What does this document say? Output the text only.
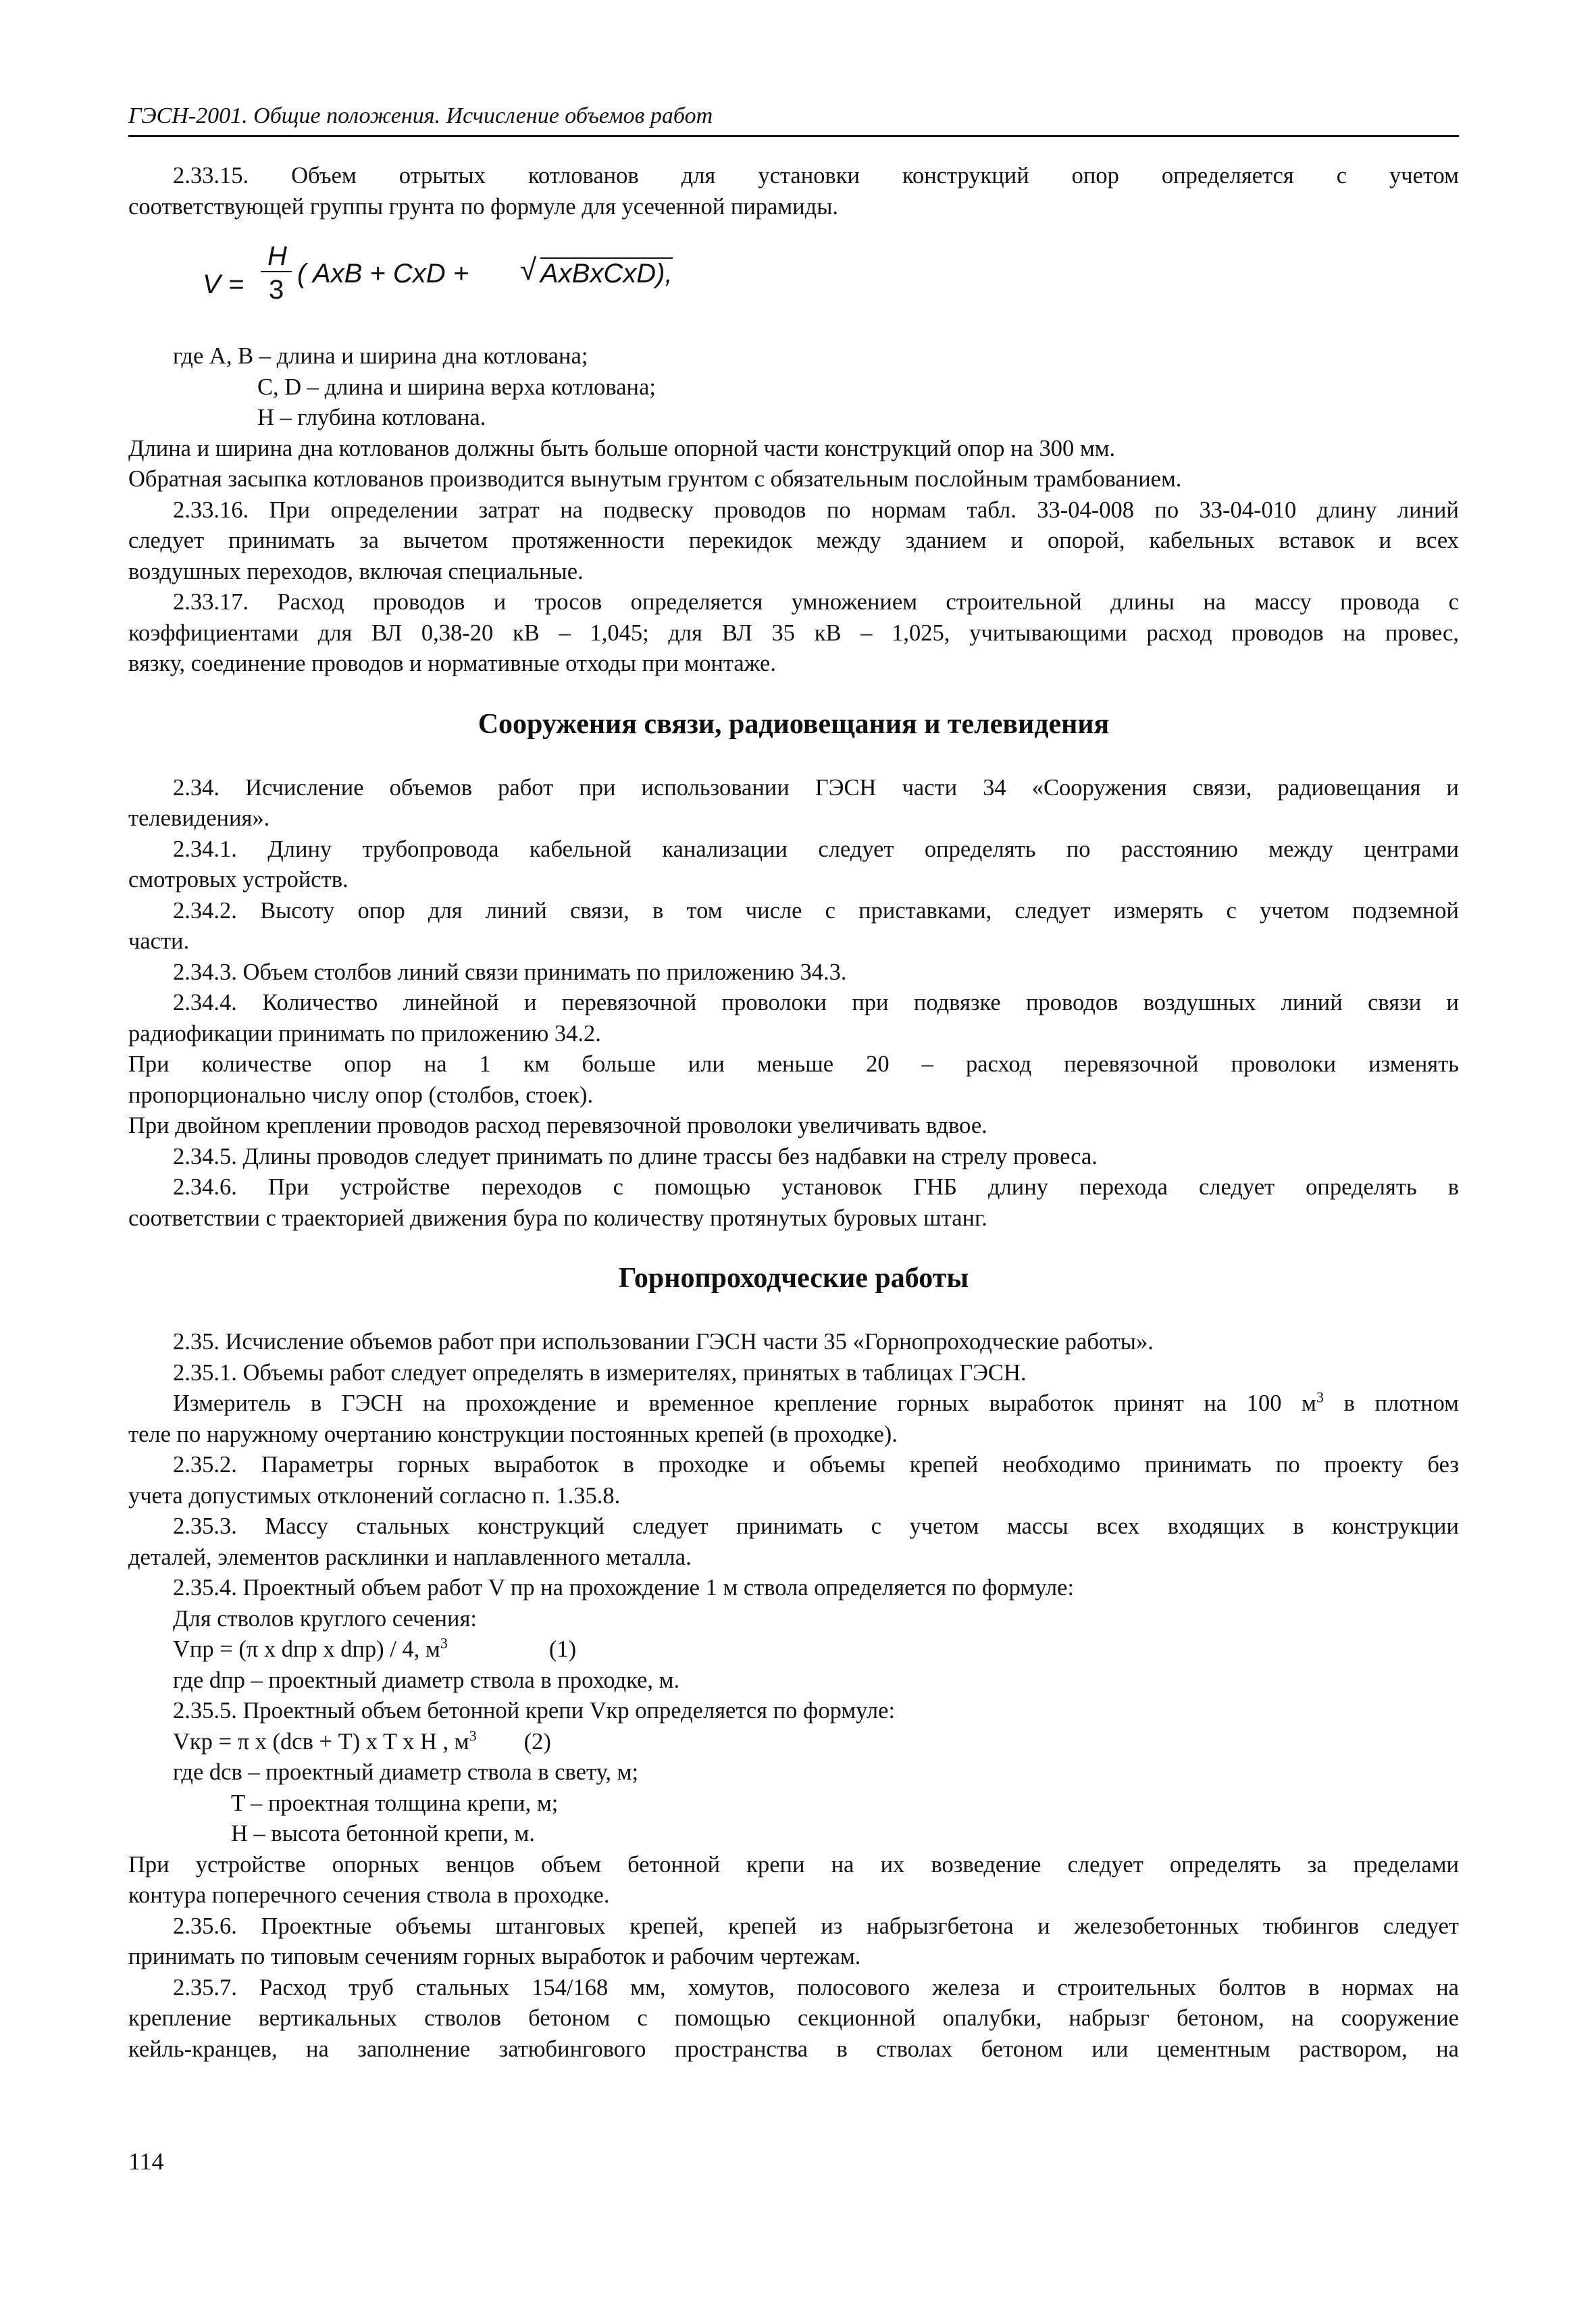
ГЭСН-2001. Общие положения. Исчисление объемов работ
2.33.15. Объем отрытых котлованов для установки конструкций опор определяется с учетом
соответствующей группы грунта по формуле для усеченной пирамиды.
V =
H
3
( AxB + CxD + √ AxBxCxD),
где A, B – длина и ширина дна котлована;
C, D – длина и ширина верха котлована;
H – глубина котлована.
Длина и ширина дна котлованов должны быть больше опорной части конструкций опор на 300 мм.
Обратная засыпка котлованов производится вынутым грунтом с обязательным послойным трамбованием.
2.33.16. При определении затрат на подвеску проводов по нормам табл. 33-04-008 по 33-04-010 длину линий
следует принимать за вычетом протяженности перекидок между зданием и опорой, кабельных вставок и всех
воздушных переходов, включая специальные.
2.33.17. Расход проводов и тросов определяется умножением строительной длины на массу провода с
коэффициентами для ВЛ 0,38-20 кВ – 1,045; для ВЛ 35 кВ – 1,025, учитывающими расход проводов на провес,
вязку, соединение проводов и нормативные отходы при монтаже.
Сооружения связи, радиовещания и телевидения
2.34. Исчисление объемов работ при использовании ГЭСН части 34 «Сооружения связи, радиовещания и
телевидения».
2.34.1. Длину трубопровода кабельной канализации следует определять по расстоянию между центрами
смотровых устройств.
2.34.2. Высоту опор для линий связи, в том числе с приставками, следует измерять с учетом подземной
части.
2.34.3. Объем столбов линий связи принимать по приложению 34.3.
2.34.4. Количество линейной и перевязочной проволоки при подвязке проводов воздушных линий связи и
радиофикации принимать по приложению 34.2.
При количестве опор на 1 км больше или меньше 20 – расход перевязочной проволоки изменять
пропорционально числу опор (столбов, стоек).
При двойном креплении проводов расход перевязочной проволоки увеличивать вдвое.
2.34.5. Длины проводов следует принимать по длине трассы без надбавки на стрелу провеса.
2.34.6. При устройстве переходов с помощью установок ГНБ длину перехода следует определять в
соответствии с траекторией движения бура по количеству протянутых буровых штанг.
Горнопроходческие работы
2.35. Исчисление объемов работ при использовании ГЭСН части 35 «Горнопроходческие работы».
2.35.1. Объемы работ следует определять в измерителях, принятых в таблицах ГЭСН.
Измеритель в ГЭСН на прохождение и временное крепление горных выработок принят на 100 $м^3$ в плотном
теле по наружному очертанию конструкции постоянных крепей (в проходке).
2.35.2. Параметры горных выработок в проходке и объемы крепей необходимо принимать по проекту без
учета допустимых отклонений согласно п. 1.35.8.
2.35.3. Массу стальных конструкций следует принимать с учетом массы всех входящих в конструкции
деталей, элементов расклинки и наплавленного металла.
2.35.4. Проектный объем работ V пр на прохождение 1 м ствола определяется по формуле:
Для стволов круглого сечения:
Vпр = (π x dпр x dпр) / 4, $м^3$	(1)
где dпр – проектный диаметр ствола в проходке, м.
2.35.5. Проектный объем бетонной крепи Vкр определяется по формуле:
Vкр = π x (dсв + T) x T x H , $м^3$ (2)
где dсв – проектный диаметр ствола в свету, м;
T – проектная толщина крепи, м;
H – высота бетонной крепи, м.
При устройстве опорных венцов объем бетонной крепи на их возведение следует определять за пределами
контура поперечного сечения ствола в проходке.
2.35.6. Проектные объемы штанговых крепей, крепей из набрызгбетона и железобетонных тюбингов следует
принимать по типовым сечениям горных выработок и рабочим чертежам.
2.35.7. Расход труб стальных 154/168 мм, хомутов, полосового железа и строительных болтов в нормах на
крепление вертикальных стволов бетоном с помощью секционной опалубки, набрызг бетоном, на сооружение
кейль-кранцев, на заполнение затюбингового пространства в стволах бетоном или цементным раствором, на
114
